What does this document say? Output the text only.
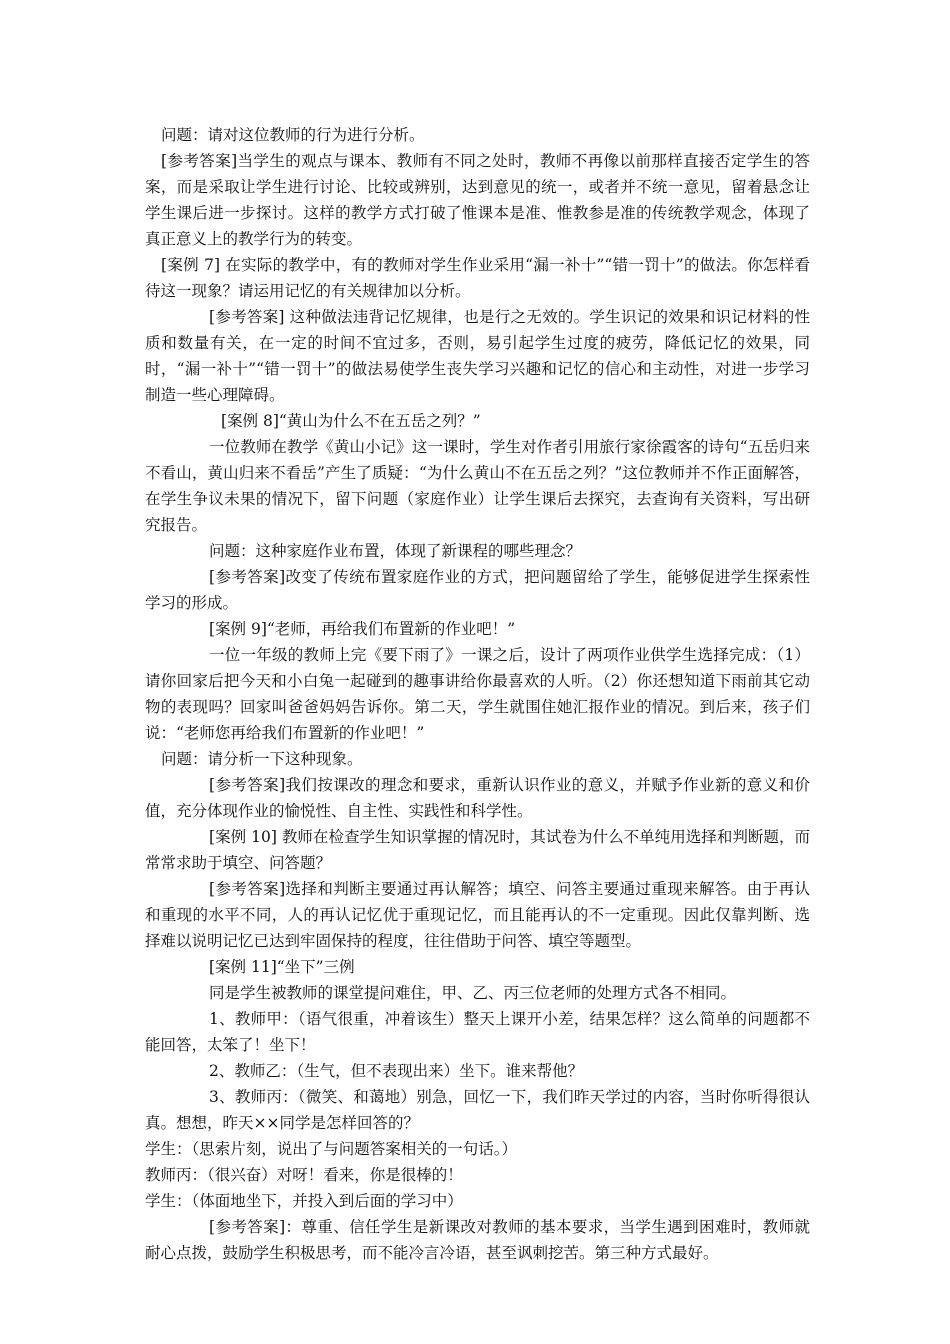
问题：请对这位教师的行为进行分析。

[参考答案]当学生的观点与课本、教师有不同之处时，教师不再像以前那样直接否定学生的答案，而是采取让学生进行讨论、比较或辨别，达到意见的统一，或者并不统一意见，留着悬念让学生课后进一步探讨。这样的教学方式打破了惟课本是准、惟教参是准的传统教学观念，体现了真正意义上的教学行为的转变。

[案例 7] 在实际的教学中，有的教师对学生作业采用“漏一补十”“错一罚十”的做法。你怎样看待这一现象？请运用记忆的有关规律加以分析。

[参考答案] 这种做法违背记忆规律，也是行之无效的。学生识记的效果和识记材料的性质和数量有关，在一定的时间不宜过多，否则，易引起学生过度的疲劳，降低记忆的效果，同时，“漏一补十”“错一罚十”的做法易使学生丧失学习兴趣和记忆的信心和主动性，对进一步学习制造一些心理障碍。

[案例 8]“黄山为什么不在五岳之列？”

一位教师在教学《黄山小记》这一课时，学生对作者引用旅行家徐霞客的诗句“五岳归来不看山，黄山归来不看岳”产生了质疑：“为什么黄山不在五岳之列？”这位教师并不作正面解答，在学生争议未果的情况下，留下问题（家庭作业）让学生课后去探究，去查询有关资料，写出研究报告。

问题：这种家庭作业布置，体现了新课程的哪些理念？

[参考答案]改变了传统布置家庭作业的方式，把问题留给了学生，能够促进学生探索性学习的形成。

[案例 9]“老师，再给我们布置新的作业吧！”

一位一年级的教师上完《要下雨了》一课之后，设计了两项作业供学生选择完成：（1）请你回家后把今天和小白兔一起碰到的趣事讲给你最喜欢的人听。（2）你还想知道下雨前其它动物的表现吗？回家叫爸爸妈妈告诉你。第二天，学生就围住她汇报作业的情况。到后来，孩子们说：“老师您再给我们布置新的作业吧！”

问题：请分析一下这种现象。

[参考答案]我们按课改的理念和要求，重新认识作业的意义，并赋予作业新的意义和价值，充分体现作业的愉悦性、自主性、实践性和科学性。

[案例 10] 教师在检查学生知识掌握的情况时，其试卷为什么不单纯用选择和判断题，而常常求助于填空、问答题？

[参考答案]选择和判断主要通过再认解答；填空、问答主要通过重现来解答。由于再认和重现的水平不同，人的再认记忆优于重现记忆，而且能再认的不一定重现。因此仅靠判断、选择难以说明记忆已达到牢固保持的程度，往往借助于问答、填空等题型。

[案例 11]“坐下”三例

同是学生被教师的课堂提问难住，甲、乙、丙三位老师的处理方式各不相同。

1、教师甲：（语气很重，冲着该生）整天上课开小差，结果怎样？这么简单的问题都不能回答，太笨了！坐下！

2、教师乙：（生气，但不表现出来）坐下。谁来帮他？

3、教师丙：（微笑、和蔼地）别急，回忆一下，我们昨天学过的内容，当时你听得很认真。想想，昨天××同学是怎样回答的？

学生：（思索片刻，说出了与问题答案相关的一句话。）

教师丙：（很兴奋）对呀！看来，你是很棒的！

学生：（体面地坐下，并投入到后面的学习中）

[参考答案]：尊重、信任学生是新课改对教师的基本要求，当学生遇到困难时，教师就耐心点拨，鼓励学生积极思考，而不能冷言冷语，甚至讽刺挖苦。第三种方式最好。
